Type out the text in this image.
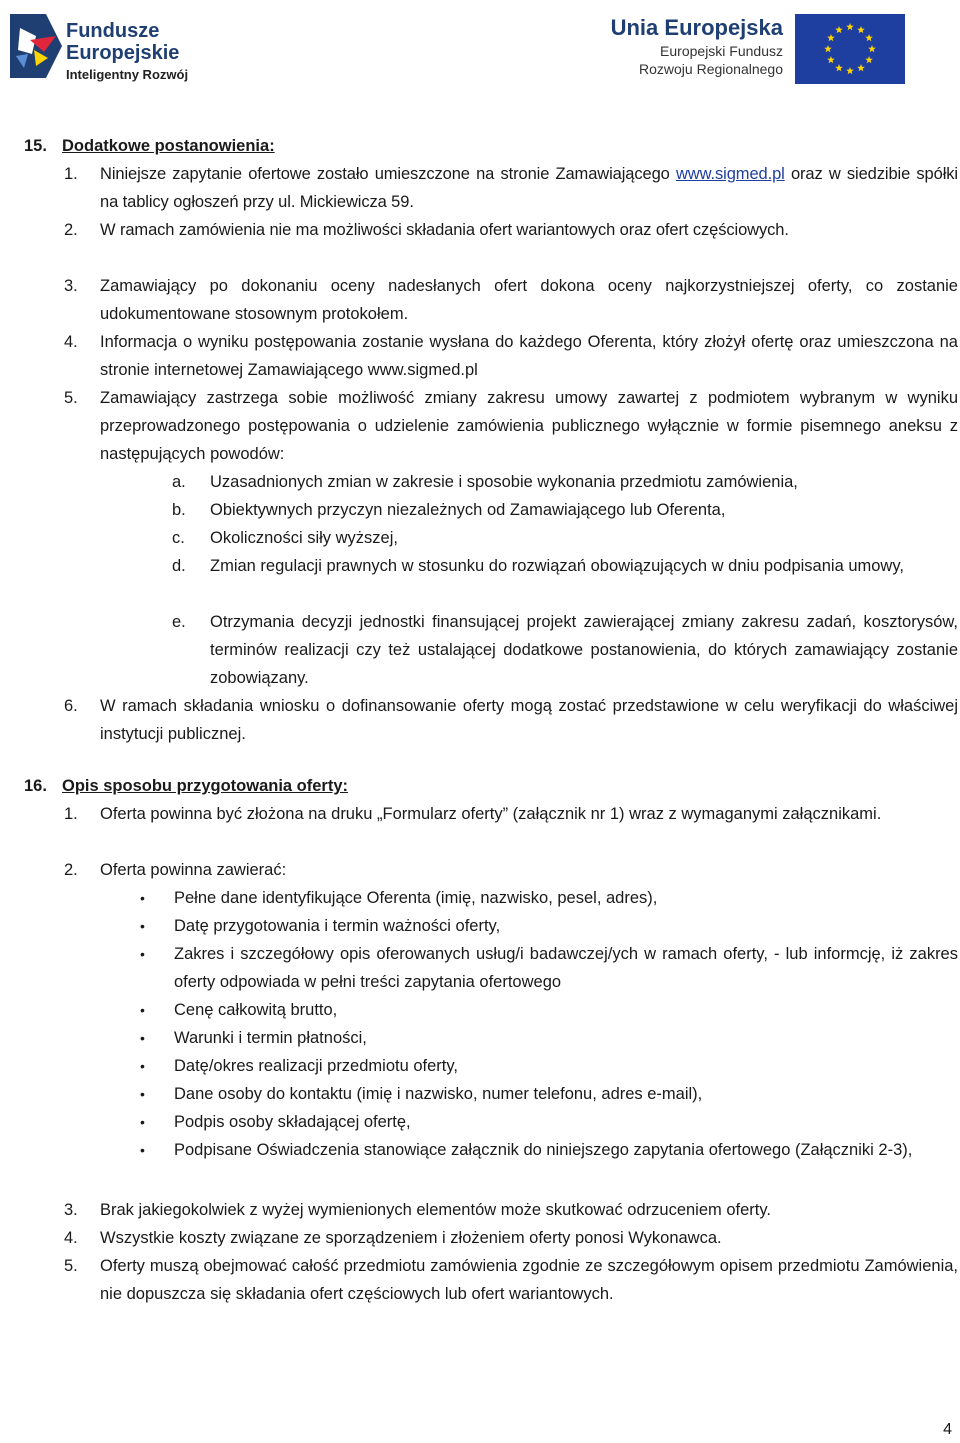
Fundusze
Europejskie
Inteligentny Rozwój
Unia Europejska
Europejski Fundusz
Rozwoju Regionalnego
15. Dodatkowe postanowienia:
1. Niniejsze zapytanie ofertowe zostało umieszczone na stronie Zamawiającego www.sigmed.pl oraz w siedzibie spółki na tablicy ogłoszeń przy ul. Mickiewicza 59.
2. W ramach zamówienia nie ma możliwości składania ofert wariantowych oraz ofert częściowych.
3. Zamawiający po dokonaniu oceny nadesłanych ofert dokona oceny najkorzystniejszej oferty, co zostanie udokumentowane stosownym protokołem.
4. Informacja o wyniku postępowania zostanie wysłana do każdego Oferenta, który złożył ofertę oraz umieszczona na stronie internetowej Zamawiającego www.sigmed.pl
5. Zamawiający zastrzega sobie możliwość zmiany zakresu umowy zawartej z podmiotem wybranym w wyniku przeprowadzonego postępowania o udzielenie zamówienia publicznego wyłącznie w formie pisemnego aneksu z następujących powodów:
a. Uzasadnionych zmian w zakresie i sposobie wykonania przedmiotu zamówienia,
b. Obiektywnych przyczyn niezależnych od Zamawiającego lub Oferenta,
c. Okoliczności siły wyższej,
d. Zmian regulacji prawnych w stosunku do rozwiązań obowiązujących w dniu podpisania umowy,
e. Otrzymania decyzji jednostki finansującej projekt zawierającej zmiany zakresu zadań, kosztorysów, terminów realizacji czy też ustalającej dodatkowe postanowienia, do których zamawiający zostanie zobowiązany.
6. W ramach składania wniosku o dofinansowanie oferty mogą zostać przedstawione w celu weryfikacji do właściwej instytucji publicznej.
16. Opis sposobu przygotowania oferty:
1. Oferta powinna być złożona na druku „Formularz oferty” (załącznik nr 1) wraz z wymaganymi załącznikami.
2. Oferta powinna zawierać:
• Pełne dane identyfikujące Oferenta (imię, nazwisko, pesel, adres),
• Datę przygotowania i termin ważności oferty,
• Zakres i szczegółowy opis oferowanych usług/i badawczej/ych w ramach oferty, - lub informcję, iż zakres oferty odpowiada w pełni treści zapytania ofertowego
• Cenę całkowitą brutto,
• Warunki i termin płatności,
• Datę/okres realizacji przedmiotu oferty,
• Dane osoby do kontaktu (imię i nazwisko, numer telefonu, adres e-mail),
• Podpis osoby składającej ofertę,
• Podpisane Oświadczenia stanowiące załącznik do niniejszego zapytania ofertowego (Załączniki 2-3),
3. Brak jakiegokolwiek z wyżej wymienionych elementów może skutkować odrzuceniem oferty.
4. Wszystkie koszty związane ze sporządzeniem i złożeniem oferty ponosi Wykonawca.
5. Oferty muszą obejmować całość przedmiotu zamówienia zgodnie ze szczegółowym opisem przedmiotu Zamówienia, nie dopuszcza się składania ofert częściowych lub ofert wariantowych.
4
